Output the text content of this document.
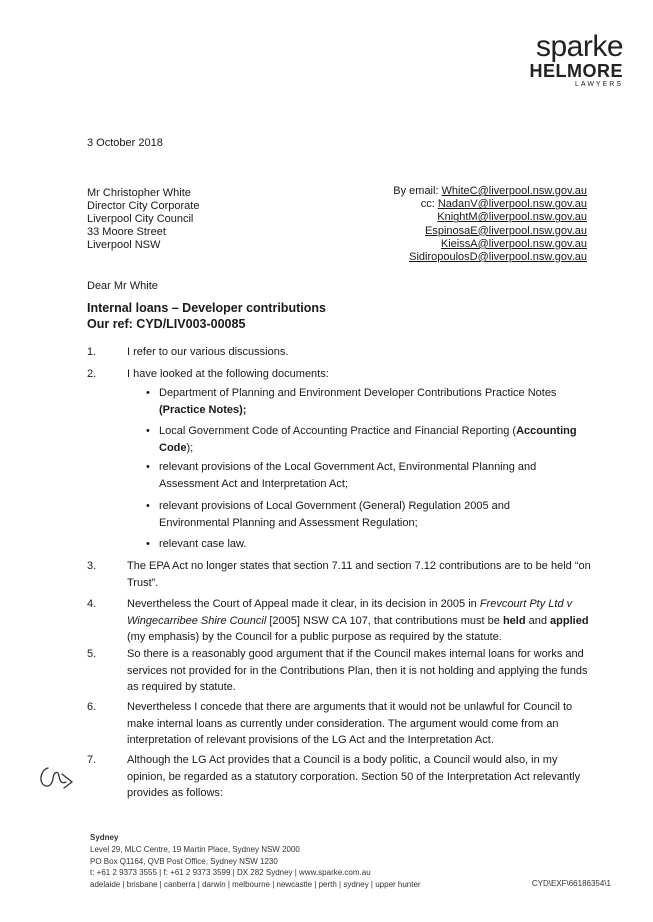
sparke
HELMORE
LAWYERS
3 October 2018
Mr Christopher White
Director City Corporate
Liverpool City Council
33 Moore Street
Liverpool NSW
By email: WhiteC@liverpool.nsw.gov.au
cc: NadanV@liverpool.nsw.gov.au
KnightM@liverpool.nsw.gov.au
EspinosaE@liverpool.nsw.gov.au
KieissA@liverpool.nsw.gov.au
SidiropoulosD@liverpool.nsw.gov.au
Dear Mr White
Internal loans – Developer contributions
Our ref: CYD/LIV003-00085
1.	I refer to our various discussions.
2.	I have looked at the following documents:
• Department of Planning and Environment Developer Contributions Practice Notes
(Practice Notes);
• Local Government Code of Accounting Practice and Financial Reporting (Accounting
Code);
• relevant provisions of the Local Government Act, Environmental Planning and Assessment Act and Interpretation Act;
• relevant provisions of Local Government (General) Regulation 2005 and Environmental Planning and Assessment Regulation;
• relevant case law.
3.	The EPA Act no longer states that section 7.11 and section 7.12 contributions are to be held “on Trust”.
4.	Nevertheless the Court of Appeal made it clear, in its decision in 2005 in Frevcourt Pty Ltd v Wingecarribee Shire Council [2005] NSW CA 107, that contributions must be held and applied (my emphasis) by the Council for a public purpose as required by the statute.
5.	So there is a reasonably good argument that if the Council makes internal loans for works and services not provided for in the Contributions Plan, then it is not holding and applying the funds as required by statute.
6.	Nevertheless I concede that there are arguments that it would not be unlawful for Council to make internal loans as currently under consideration. The argument would come from an interpretation of relevant provisions of the LG Act and the Interpretation Act.
7.	Although the LG Act provides that a Council is a body politic, a Council would also, in my opinion, be regarded as a statutory corporation. Section 50 of the Interpretation Act relevantly provides as follows:
Sydney
Level 29, MLC Centre, 19 Martin Place, Sydney NSW 2000
PO Box Q1164, QVB Post Office, Sydney NSW 1230
t: +61 2 9373 3555 | f: +61 2 9373 3599 | DX 282 Sydney | www.sparke.com.au
adelaide | brisbane | canberra | darwin | melbourne | newcastle | perth | sydney | upper hunter	CYD\EXF\66186354\1
